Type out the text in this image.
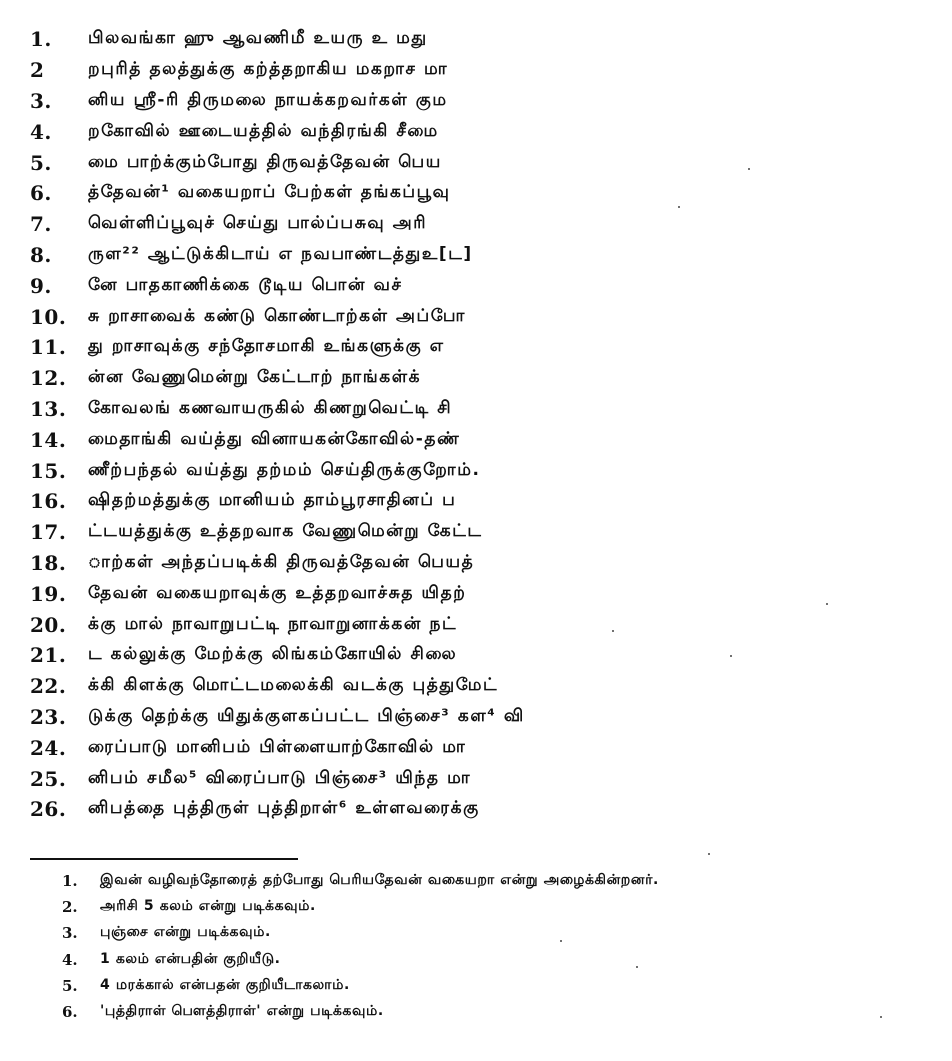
1.	பிலவங்கா ஹு ஆவணிமீ உயரு உ மது
2	றபுரித் தலத்துக்கு கற்த்தறாகிய மகறாச மா
3.	னிய ஸ்ரீ-ரி திருமலை நாயக்கறவர்கள் கும
4.	றகோவில் ஊடையத்தில் வந்திரங்கி சீமை
5.	மை பாற்க்கும்போது திருவத்தேவன் பெய
6.	த்தேவன்¹ வகையறாப் பேற்கள் தங்கப்பூவு
7.	வெள்ளிப்பூவுச் செய்து பால்ப்பசுவு அரி
8.	ருள²² ஆட்டுக்கிடாய் எ நவபாண்டத்துஉ[ட]
9.	னே பாதகாணிக்கை டூடிய பொன் வச்
10.	சு றாசாவைக் கண்டு கொண்டாற்கள் அப்போ
11.	து றாசாவுக்கு சந்தோசமாகி உங்களுக்கு எ
12.	ன்ன வேணுமென்று கேட்டாற் நாங்கள்க்
13.	கோவலங் கணவாயருகில் கிணறுவெட்டி சி
14.	மைதாங்கி வய்த்து வினாயகன்கோவில்-தண்
15.	ணீற்பந்தல் வய்த்து தற்மம் செய்திருக்குறோம்.
16.	ஷிதற்மத்துக்கு மானியம் தாம்பூரசாதினப் ப
17.	ட்டயத்துக்கு உத்தறவாக வேணுமென்று கேட்ட
18.	ாற்கள் அந்தப்படிக்கி திருவத்தேவன் பெயத்
19.	தேவன் வகையறாவுக்கு உத்தறவாச்சுத யிதற்
20.	க்கு மால் நாவாறுபட்டி நாவாறுனாக்கன் நட்
21.	ட கல்லுக்கு மேற்க்கு லிங்கம்கோயில் சிலை
22.	க்கி கிளக்கு மொட்டமலைக்கி வடக்கு புத்துமேட்
23.	டுக்கு தெற்க்கு யிதுக்குளகப்பட்ட பிஞ்சை³ கள⁴ வி
24.	ரைப்பாடு மானிபம் பிள்ளையாற்கோவில் மா
25.	னிபம் சமீல⁵ விரைப்பாடு பிஞ்சை³ யிந்த மா
26.	னிபத்தை புத்திருள் புத்திறாள்⁶ உள்ளவரைக்கு
1.	இவன் வழிவந்தோரைத் தற்போது பெரியதேவன் வகையறா என்று அழைக்கின்றனர்.
2.	அரிசி 5 கலம் என்று படிக்கவும்.
3.	புஞ்சை என்று படிக்கவும்.
4.	1 கலம் என்பதின் குறியீடு.
5.	4 மரக்கால் என்பதன் குறியீடாகலாம்.
6.	'புத்திராள் பௌத்திராள்' என்று படிக்கவும்.
